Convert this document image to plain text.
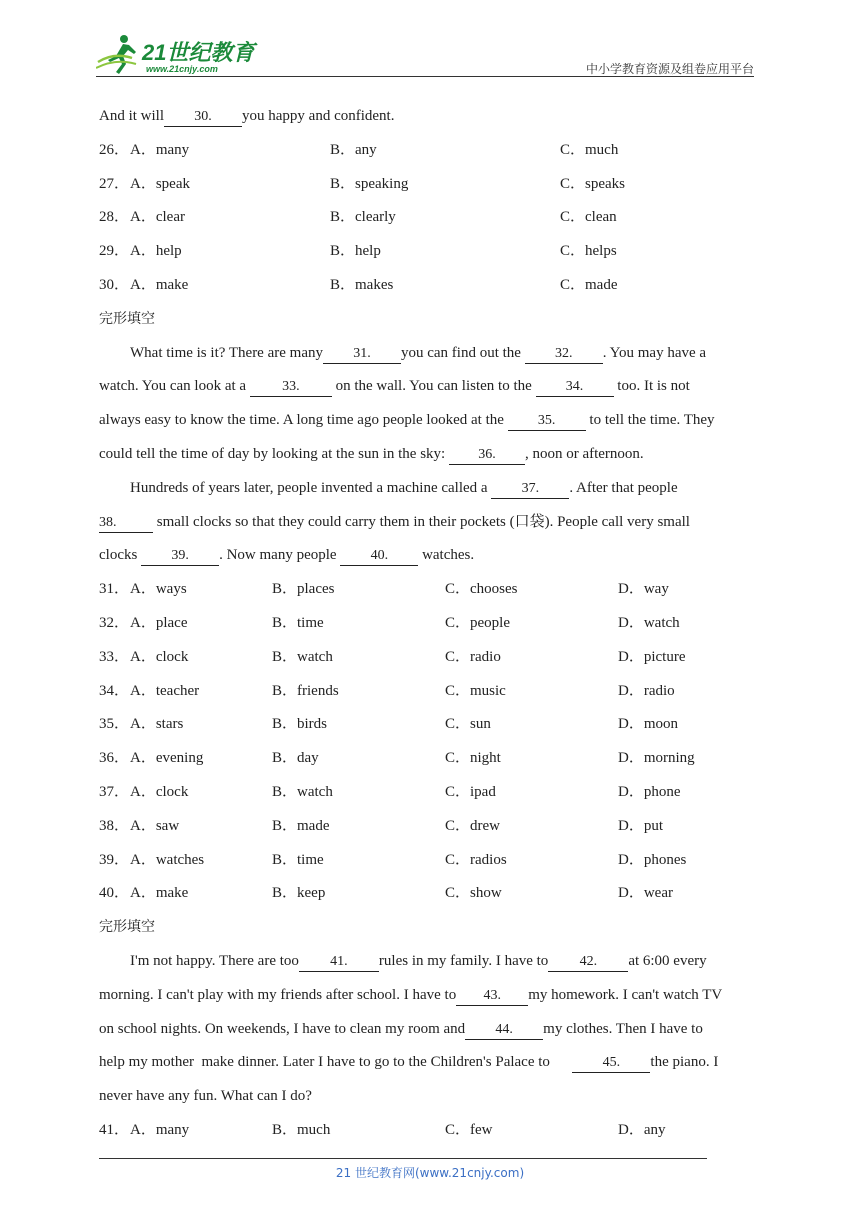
21世纪教育
www.21cnjy.com	中小学教育资源及组卷应用平台
And it will 30. you happy and confident.
26． A．many	B．any	C．much
27． A．speak	B．speaking	C．speaks
28． A．clear	B．clearly	C．clean
29． A．help	B．help	C．helps
30． A．make	B．makes	C．made
完形填空
What time is it? There are many 31. you can find out the 32. . You may have a
watch. You can look at a 33. on the wall. You can listen to the 34. too. It is not
always easy to know the time. A long time ago people looked at the 35. to tell the time. They
could tell the time of day by looking at the sun in the sky: 36. , noon or afternoon.
Hundreds of years later, people invented a machine called a 37. . After that people
38. small clocks so that they could carry them in their pockets (口袋). People call very small
clocks 39. . Now many people 40. watches.
31． A．ways	B．places	C．chooses	D．way
32． A．place	B．time	C．people	D．watch
33． A．clock	B．watch	C．radio	D．picture
34． A．teacher	B．friends	C．music	D．radio
35． A．stars	B．birds	C．sun	D．moon
36． A．evening	B．day	C．night	D．morning
37． A．clock	B．watch	C．ipad	D．phone
38． A．saw	B．made	C．drew	D．put
39． A．watches	B．time	C．radios	D．phones
40． A．make	B．keep	C．show	D．wear
完形填空
I'm not happy. There are too 41. rules in my family. I have to 42. at 6:00 every
morning. I can't play with my friends after school. I have to 43. my homework. I can't watch TV
on school nights. On weekends, I have to clean my room and 44. my clothes. Then I have to
help my mother  make dinner. Later I have to go to the Children's Palace to      45. the piano. I
never have any fun. What can I do?
41． A．many	B．much	C．few	D．any
21 世纪教育网(www.21cnjy.com)
